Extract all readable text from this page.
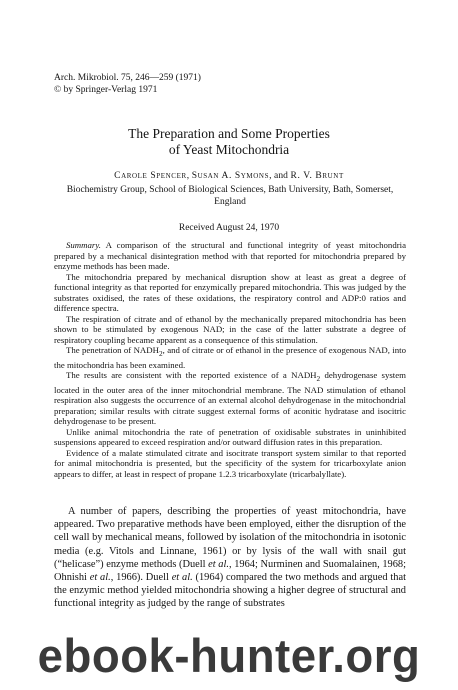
Arch. Mikrobiol. 75, 246—259 (1971)
© by Springer-Verlag 1971
The Preparation and Some Properties
of Yeast Mitochondria
Carole Spencer, Susan A. Symons, and R. V. Brunt
Biochemistry Group, School of Biological Sciences, Bath University, Bath, Somerset, England
Received August 24, 1970

Summary. A comparison of the structural and functional integrity of yeast mitochondria prepared by a mechanical disintegration method with that reported for mitochondria prepared by enzyme methods has been made.

The mitochondria prepared by mechanical disruption show at least as great a degree of functional integrity as that reported for enzymically prepared mitochondria. This was judged by the substrates oxidised, the rates of these oxidations, the respiratory control and ADP:0 ratios and difference spectra.

The respiration of citrate and of ethanol by the mechanically prepared mitochondria has been shown to be stimulated by exogenous NAD; in the case of the latter substrate a degree of respiratory coupling became apparent as a consequence of this stimulation.

The penetration of $NADH_2$, and of citrate or of ethanol in the presence of exogenous NAD, into the mitochondria has been examined.

The results are consistent with the reported existence of a $NADH_2$ dehydrogenase system located in the outer area of the inner mitochondrial membrane. The NAD stimulation of ethanol respiration also suggests the occurrence of an external alcohol dehydrogenase in the mitochondrial preparation; similar results with citrate suggest external forms of aconitic hydratase and isocitric dehydrogenase to be present.

Unlike animal mitochondria the rate of penetration of oxidisable substrates in uninhibited suspensions appeared to exceed respiration and/or outward diffusion rates in this preparation.

Evidence of a malate stimulated citrate and isocitrate transport system similar to that reported for animal mitochondria is presented, but the specificity of the system for tricarboxylate anion appears to differ, at least in respect of propane 1.2.3 tricarboxylate (tricarbalyllate).

A number of papers, describing the properties of yeast mitochondria, have appeared. Two preparative methods have been employed, either the disruption of the cell wall by mechanical means, followed by isolation of the mitochondria in isotonic media (e.g. Vitols and Linnane, 1961) or by lysis of the wall with snail gut (“helicase”) enzyme methods (Duell et al., 1964; Nurminen and Suomalainen, 1968; Ohnishi et al., 1966). Duell et al. (1964) compared the two methods and argued that the enzymic method yielded mitochondria showing a higher degree of structural and functional integrity as judged by the range of substrates

ebook-hunter.org
